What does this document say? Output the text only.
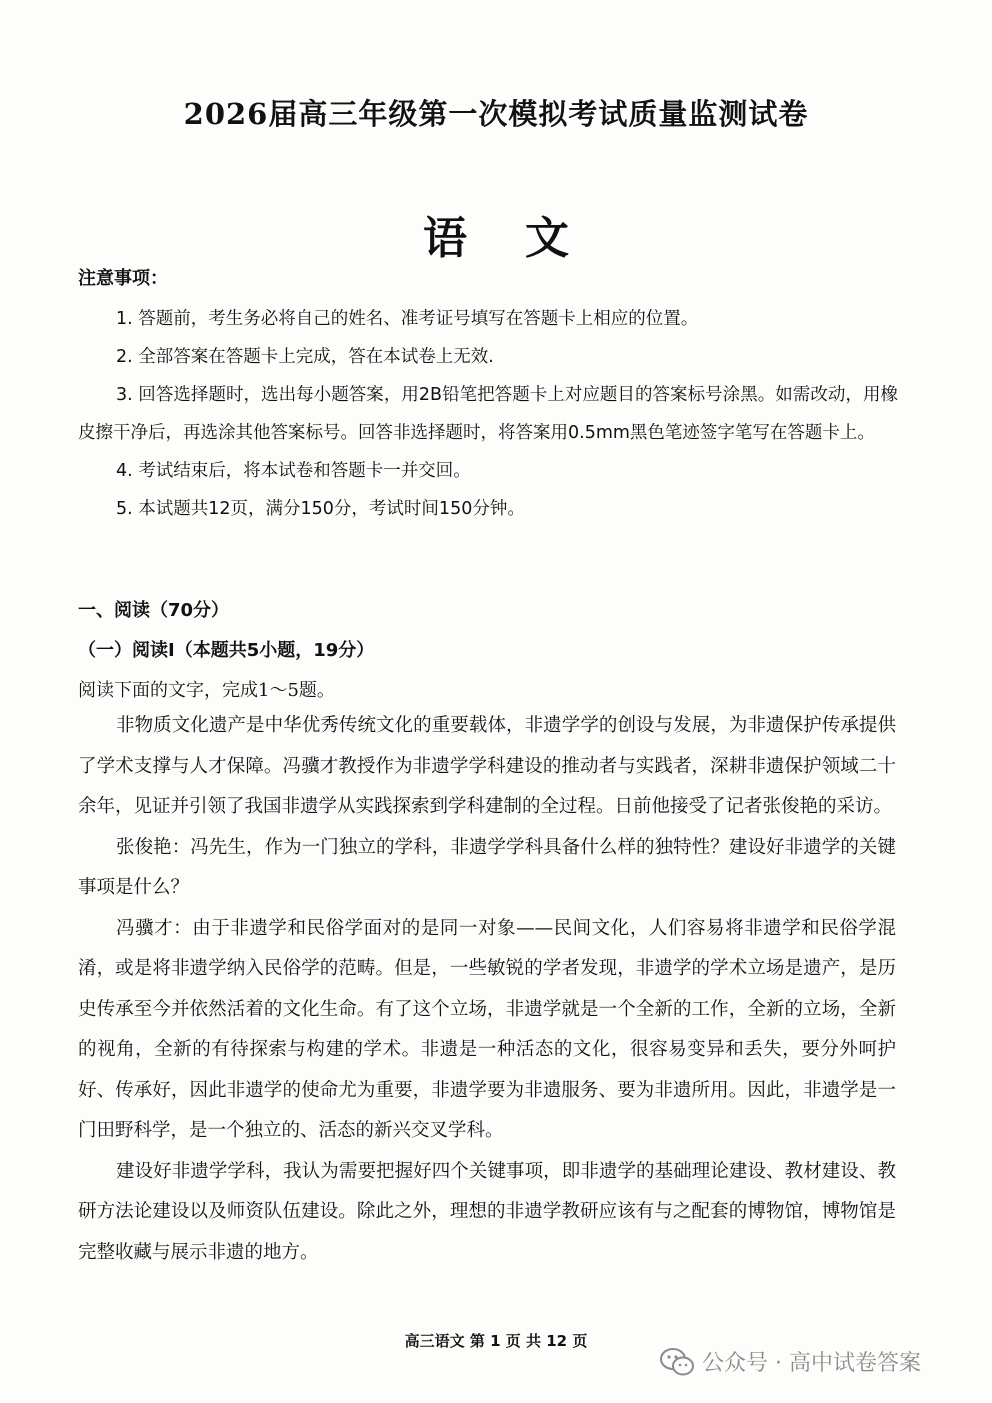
2026届高三年级第一次模拟考试质量监测试卷
语 文
注意事项：

1. 答题前，考生务必将自己的姓名、准考证号填写在答题卡上相应的位置。

2. 全部答案在答题卡上完成，答在本试卷上无效.

3. 回答选择题时，选出每小题答案，用2B铅笔把答题卡上对应题目的答案标号涂黑。如需改动，用橡皮擦干净后，再选涂其他答案标号。回答非选择题时，将答案用0.5mm黑色笔迹签字笔写在答题卡上。

4. 考试结束后，将本试卷和答题卡一并交回。

5. 本试题共12页，满分150分，考试时间150分钟。

一、阅读（70分）
（一）阅读Ⅰ（本题共5小题，19分）
阅读下面的文字，完成1～5题。

非物质文化遗产是中华优秀传统文化的重要载体，非遗学学的创设与发展，为非遗保护传承提供了学术支撑与人才保障。冯骥才教授作为非遗学学科建设的推动者与实践者，深耕非遗保护领域二十余年，见证并引领了我国非遗学从实践探索到学科建制的全过程。日前他接受了记者张俊艳的采访。

张俊艳：冯先生，作为一门独立的学科，非遗学学科具备什么样的独特性？建设好非遗学的关键事项是什么？

冯骥才：由于非遗学和民俗学面对的是同一对象——民间文化，人们容易将非遗学和民俗学混淆，或是将非遗学纳入民俗学的范畴。但是，一些敏锐的学者发现，非遗学的学术立场是遗产，是历史传承至今并依然活着的文化生命。有了这个立场，非遗学就是一个全新的工作，全新的立场，全新的视角，全新的有待探索与构建的学术。非遗是一种活态的文化，很容易变异和丢失，要分外呵护好、传承好，因此非遗学的使命尤为重要，非遗学要为非遗服务、要为非遗所用。因此，非遗学是一门田野科学，是一个独立的、活态的新兴交叉学科。

建设好非遗学学科，我认为需要把握好四个关键事项，即非遗学的基础理论建设、教材建设、教研方法论建设以及师资队伍建设。除此之外，理想的非遗学教研应该有与之配套的博物馆，博物馆是完整收藏与展示非遗的地方。

高三语文 第 1 页 共 12 页
公众号 · 高中试卷答案
